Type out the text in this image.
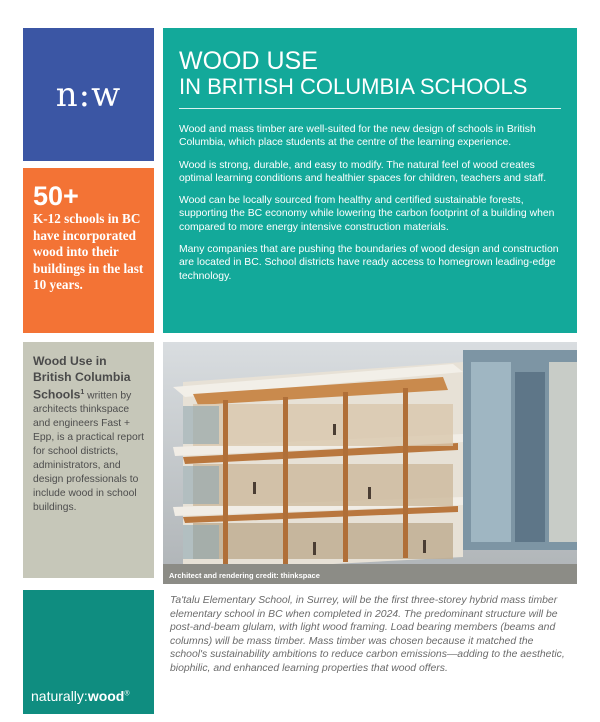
n:w
50+
K-12 schools in BC have incorporated wood into their buildings in the last 10 years.
WOOD USE
IN BRITISH COLUMBIA SCHOOLS

Wood and mass timber are well-suited for the new design of schools in British Columbia, which place students at the centre of the learning experience.

Wood is strong, durable, and easy to modify. The natural feel of wood creates optimal learning conditions and healthier spaces for children, teachers and staff.

Wood can be locally sourced from healthy and certified sustainable forests, supporting the BC economy while lowering the carbon footprint of a building when compared to more energy intensive construction materials.

Many companies that are pushing the boundaries of wood design and construction are located in BC. School districts have ready access to homegrown leading-edge technology.

Wood Use in British Columbia Schools$^1$ written by architects thinkspace and engineers Fast + Epp, is a practical report for school districts, administrators, and design professionals to include wood in school buildings.
Architect and rendering credit: thinkspace
naturally:wood®
Ta'talu Elementary School, in Surrey, will be the first three-storey hybrid mass timber elementary school in BC when completed in 2024. The predominant structure will be post-and-beam glulam, with light wood framing. Load bearing members (beams and columns) will be mass timber. Mass timber was chosen because it matched the school's sustainability ambitions to reduce carbon emissions—adding to the aesthetic, biophilic, and enhanced learning properties that wood offers.
